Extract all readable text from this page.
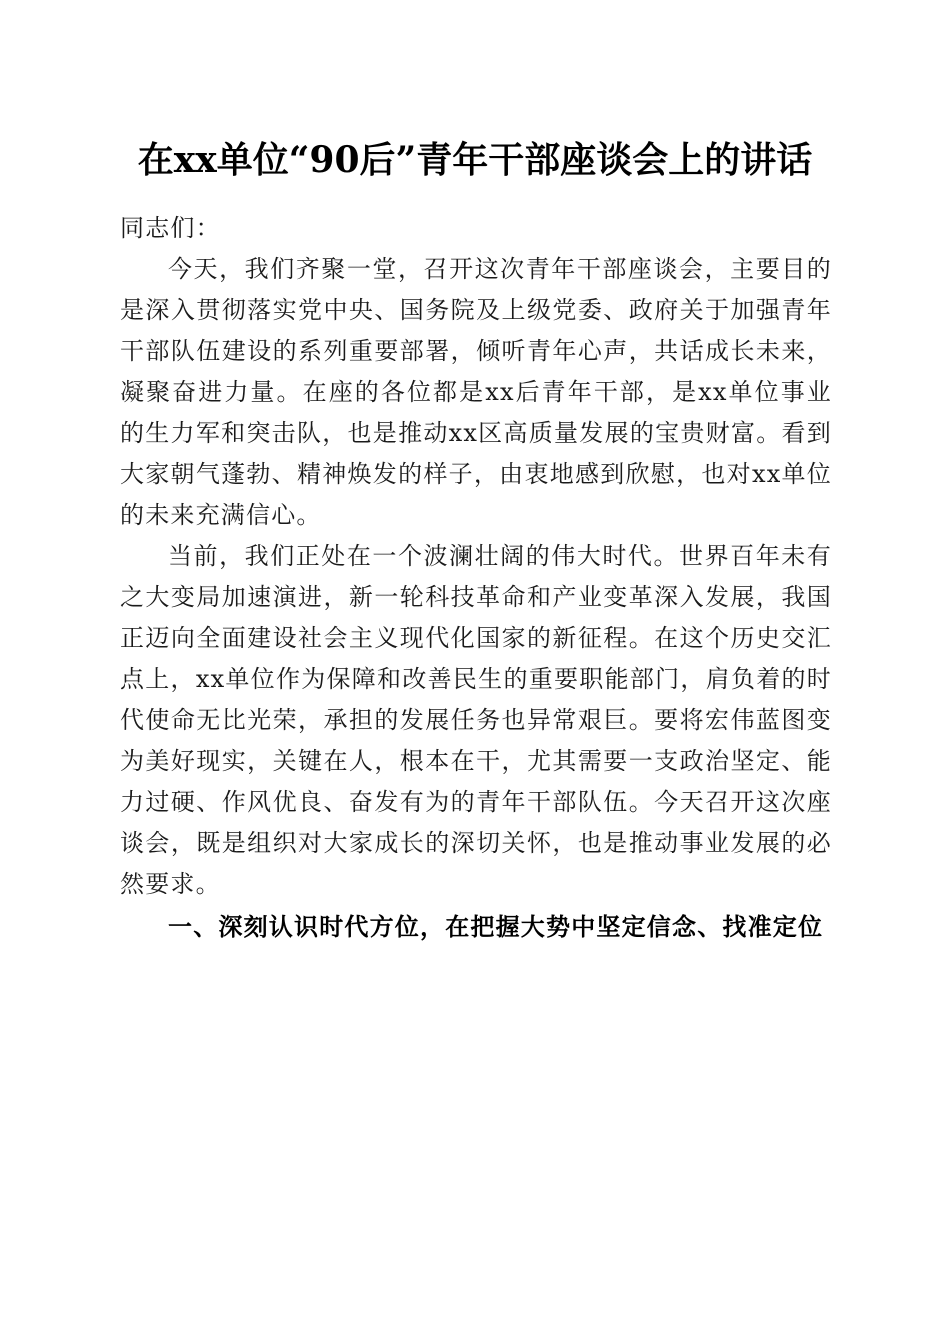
在xx单位“90后”青年干部座谈会上的讲话

同志们：

今天，我们齐聚一堂，召开这次青年干部座谈会，主要目的是深入贯彻落实党中央、国务院及上级党委、政府关于加强青年干部队伍建设的系列重要部署，倾听青年心声，共话成长未来，凝聚奋进力量。在座的各位都是xx后青年干部，是xx单位事业的生力军和突击队，也是推动xx区高质量发展的宝贵财富。看到大家朝气蓬勃、精神焕发的样子，由衷地感到欣慰，也对xx单位的未来充满信心。

当前，我们正处在一个波澜壮阔的伟大时代。世界百年未有之大变局加速演进，新一轮科技革命和产业变革深入发展，我国正迈向全面建设社会主义现代化国家的新征程。在这个历史交汇点上，xx单位作为保障和改善民生的重要职能部门，肩负着的时代使命无比光荣，承担的发展任务也异常艰巨。要将宏伟蓝图变为美好现实，关键在人，根本在干，尤其需要一支政治坚定、能力过硬、作风优良、奋发有为的青年干部队伍。今天召开这次座谈会，既是组织对大家成长的深切关怀，也是推动事业发展的必然要求。

一、深刻认识时代方位，在把握大势中坚定信念、找准定位
